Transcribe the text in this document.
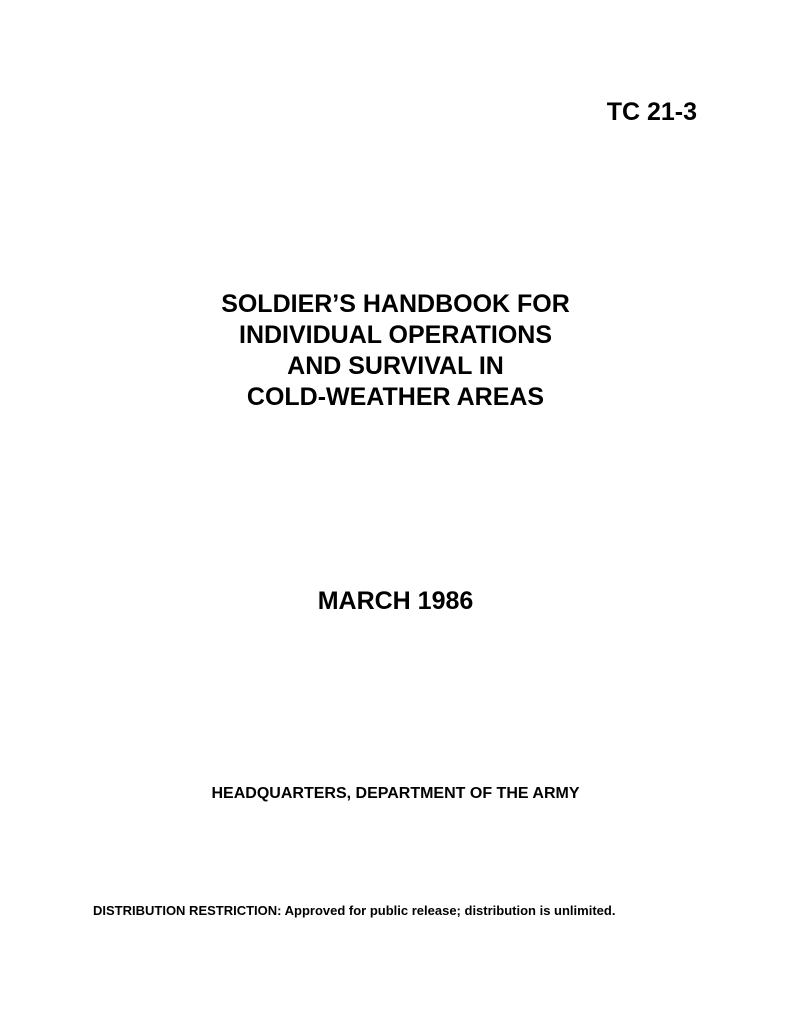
TC 21-3

SOLDIER’S HANDBOOK FOR
INDIVIDUAL OPERATIONS
AND SURVIVAL IN
COLD-WEATHER AREAS

MARCH 1986

HEADQUARTERS, DEPARTMENT OF THE ARMY

DISTRIBUTION RESTRICTION: Approved for public release; distribution is unlimited.
